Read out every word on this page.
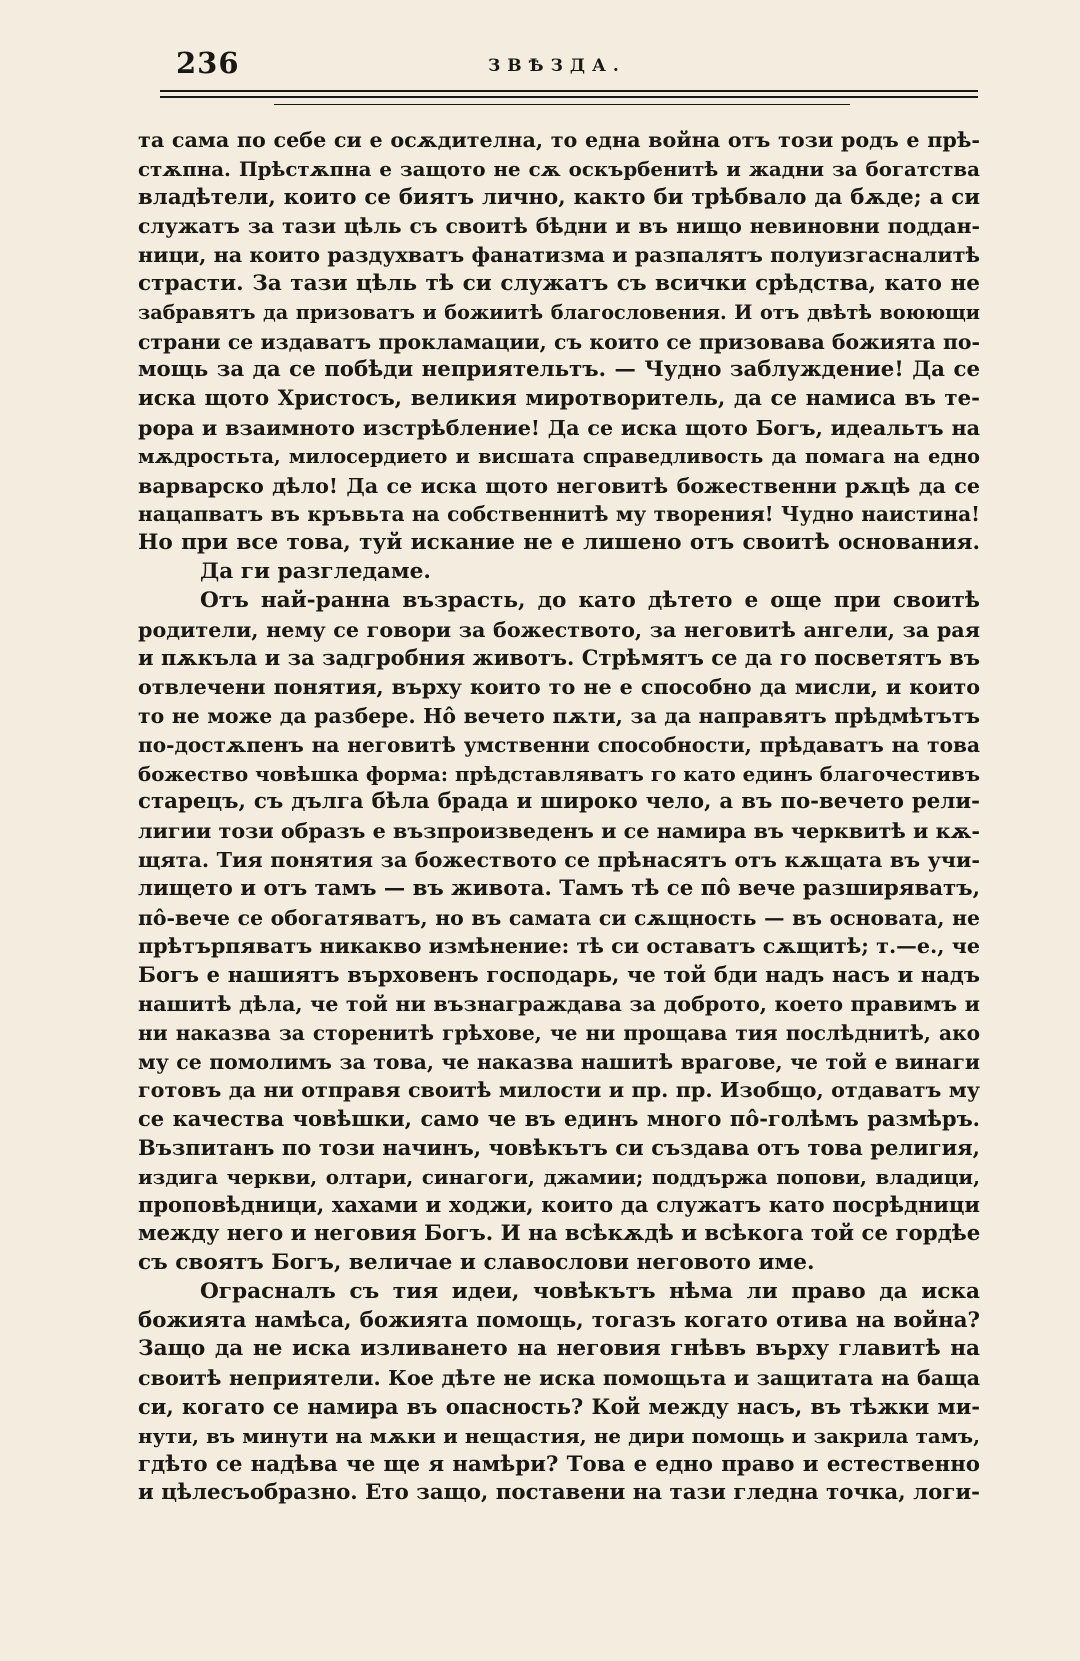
236	ЗВѢЗДА.
та сама по себе си е осѫдителна, то една война отъ този родъ е прѣ-
стѫпна. Прѣстѫпна е защото не сѫ оскърбенитѣ и жадни за богатства
владѣтели, които се биятъ лично, както би трѣбвало да бѫде; а си
служатъ за тази цѣль съ своитѣ бѣдни и въ нищо невиновни поддан-
ници, на които раздухватъ фанатизма и разпалятъ полуизгасналитѣ
страсти. За тази цѣль тѣ си служатъ съ всички срѣдства, като не
забравятъ да призоватъ и божиитѣ благословения. И отъ двѣтѣ воюющи
страни се издаватъ прокламации, съ които се призовава божията по-
мощь за да се побѣди неприятельтъ. — Чудно заблуждение! Да се
иска щото Христосъ, великия миротворитель, да се намиса въ те-
рора и взаимното изстрѣбление! Да се иска щото Богъ, идеальтъ на
мѫдростьта, милосердието и висшата справедливость да помага на едно
варварско дѣло! Да се иска щото неговитѣ божественни рѫцѣ да се
нацапватъ въ кръвьта на собственнитѣ му творения! Чудно наистина!
Но при все това, туй искание не е лишено отъ своитѣ основания.
Да ги разгледаме.
Отъ най-ранна възрасть, до като дѣтето е още при своитѣ
родители, нему се говори за божеството, за неговитѣ ангели, за рая
и пѫкъла и за задгробния животъ. Стрѣмятъ се да го посветятъ въ
отвлечени понятия, върху които то не е способно да мисли, и които
то не може да разбере. Нô вечето пѫти, за да направятъ прѣдмѣтътъ
по-достѫпенъ на неговитѣ умственни способности, прѣдаватъ на това
божество човѣшка форма: прѣдставляватъ го като единъ благочестивъ
старецъ, съ дълга бѣла брада и широко чело, а въ по-вечето рели-
лигии този образъ е възпроизведенъ и се намира въ черквитѣ и кѫ-
щята. Тия понятия за божеството се прѣнасятъ отъ кѫщата въ учи-
лището и отъ тамъ — въ живота. Тамъ тѣ се пô вече разширяватъ,
пô-вече се обогатяватъ, но въ самата си сѫщность — въ основата, не
прѣтърпяватъ никакво измѣнение: тѣ си оставатъ сѫщитѣ; т.—е., че
Богъ е нашиятъ върховенъ господарь, че той бди надъ насъ и надъ
нашитѣ дѣла, че той ни възнаграждава за доброто, което правимъ и
ни наказва за сторенитѣ грѣхове, че ни прощава тия послѣднитѣ, ако
му се помолимъ за това, че наказва нашитѣ врагове, че той е винаги
готовъ да ни отправя своитѣ милости и пр. пр. Изобщо, отдаватъ му
се качества човѣшки, само че въ единъ много пô-голѣмъ размѣръ.
Възпитанъ по този начинъ, човѣкътъ си създава отъ това религия,
издига черкви, олтари, синагоги, джамии; поддържа попови, владици,
проповѣдници, хахами и ходжи, които да служатъ като посрѣдници
между него и неговия Богъ. И на всѣкѫдѣ и всѣкога той се гордѣе
съ своятъ Богъ, величае и славослови неговото име.
Ограсналъ съ тия идеи, човѣкътъ нѣма ли право да иска
божията намѣса, божията помощь, тогазъ когато отива на война?
Защо да не иска изливането на неговия гнѣвъ върху главитѣ на
своитѣ неприятели. Кое дѣте не иска помощьта и защитата на баща
си, когато се намира въ опасность? Кой между насъ, въ тѣжки ми-
нути, въ минути на мѫки и нещастия, не дири помощь и закрила тамъ,
гдѣто се надѣва че ще я намѣри? Това е едно право и естественно
и цѣлесъобразно. Ето защо, поставени на тази гледна точка, логи-
